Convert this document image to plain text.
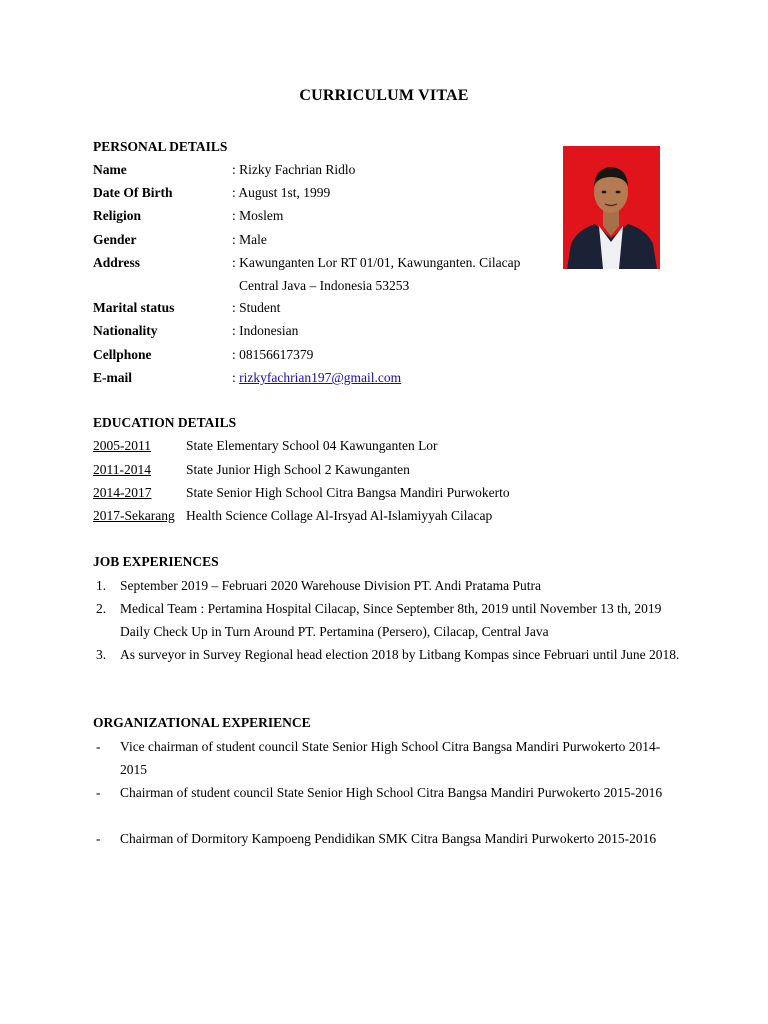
CURRICULUM VITAE
PERSONAL DETAILS
Name	: Rizky Fachrian Ridlo
Date Of Birth	: August 1st, 1999
Religion	: Moslem
Gender	: Male
Address	: Kawunganten Lor RT 01/01, Kawunganten. Cilacap
Central Java – Indonesia 53253
Marital status	: Student
Nationality	: Indonesian
Cellphone	: 08156617379
E-mail	: rizkyfachrian197@gmail.com
EDUCATION DETAILS
2005-2011	State Elementary School 04 Kawunganten Lor
2011-2014	State Junior High School 2 Kawunganten
2014-2017	State Senior High School Citra Bangsa Mandiri Purwokerto
2017-Sekarang Health Science Collage Al-Irsyad Al-Islamiyyah Cilacap
JOB EXPERIENCES
1. September 2019 – Februari 2020 Warehouse Division PT. Andi Pratama Putra
2. Medical Team : Pertamina Hospital Cilacap, Since September 8th, 2019 until November 13 th, 2019 Daily Check Up in Turn Around PT. Pertamina (Persero), Cilacap, Central Java
3. As surveyor in Survey Regional head election 2018 by Litbang Kompas since Februari until June 2018.
ORGANIZATIONAL EXPERIENCE
- Vice chairman of student council State Senior High School Citra Bangsa Mandiri Purwokerto 2014-2015
- Chairman of student council State Senior High School Citra Bangsa Mandiri Purwokerto 2015-2016
- Chairman of Dormitory Kampoeng Pendidikan SMK Citra Bangsa Mandiri Purwokerto 2015-2016
